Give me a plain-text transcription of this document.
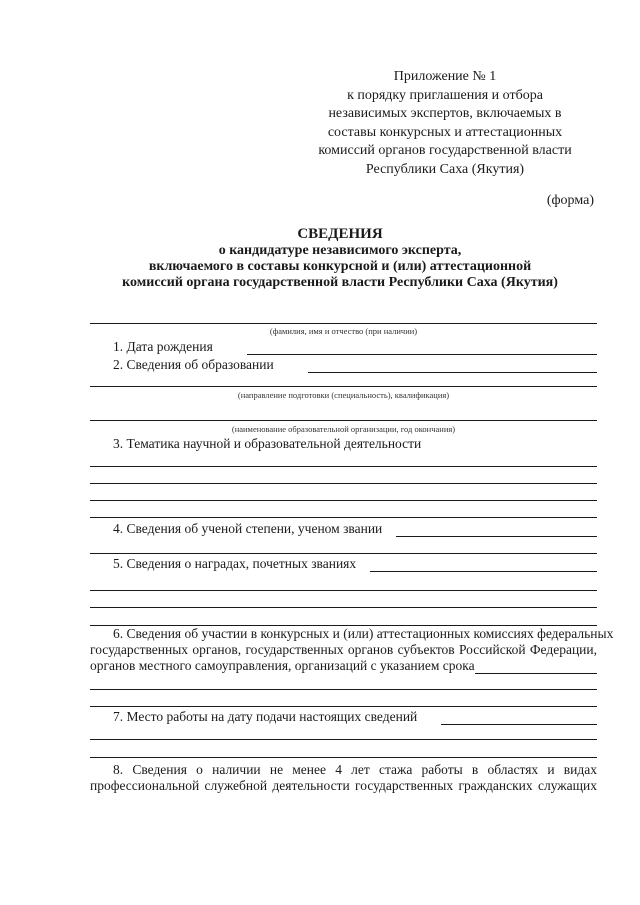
Приложение № 1
к порядку приглашения и отбора
независимых экспертов, включаемых в
составы конкурсных и аттестационных
комиссий органов государственной власти
Республики Саха (Якутия)
(форма)
СВЕДЕНИЯ
о кандидатуре независимого эксперта,
включаемого в составы конкурсной и (или) аттестационной
комиссий органа государственной власти Республики Саха (Якутия)
(фамилия, имя и отчество (при наличии)
1. Дата рождения
2. Сведения об образовании
(направление подготовки (специальность), квалификация)
(наименование образовательной организации, год окончания)
3. Тематика научной и образовательной деятельности
4. Сведения об ученой степени, ученом звании
5. Сведения о наградах, почетных званиях
6. Сведения об участии в конкурсных и (или) аттестационных комиссиях федеральных
государственных органов, государственных органов субъектов Российской Федерации,
органов местного самоуправления, организаций с указанием срока
7. Место работы на дату подачи настоящих сведений
8. Сведения о наличии не менее 4 лет стажа работы в областях и видах
профессиональной служебной деятельности государственных гражданских служащих
